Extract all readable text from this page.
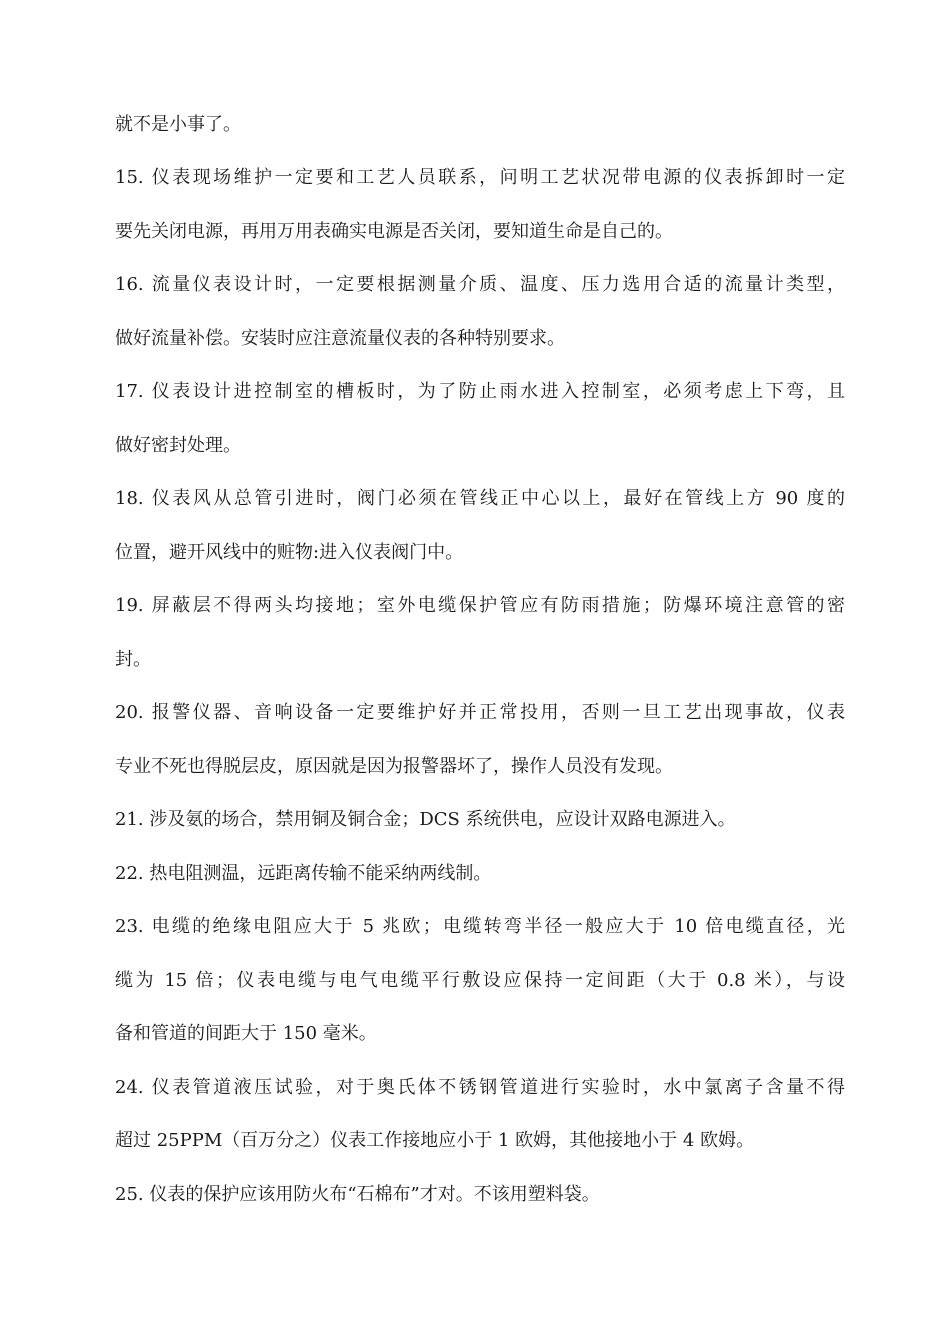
就不是小事了。
15. 仪表现场维护一定要和工艺人员联系，问明工艺状况带电源的仪表拆卸时一定
要先关闭电源，再用万用表确实电源是否关闭，要知道生命是自己的。
16. 流量仪表设计时，一定要根据测量介质、温度、压力选用合适的流量计类型，
做好流量补偿。安装时应注意流量仪表的各种特别要求。
17. 仪表设计进控制室的槽板时，为了防止雨水进入控制室，必须考虑上下弯，且
做好密封处理。
18. 仪表风从总管引进时，阀门必须在管线正中心以上，最好在管线上方 90 度的
位置，避开风线中的赃物:进入仪表阀门中。
19. 屏蔽层不得两头均接地；室外电缆保护管应有防雨措施；防爆环境注意管的密
封。
20. 报警仪器、音响设备一定要维护好并正常投用，否则一旦工艺出现事故，仪表
专业不死也得脱层皮，原因就是因为报警器坏了，操作人员没有发现。
21. 涉及氨的场合，禁用铜及铜合金；DCS 系统供电，应设计双路电源进入。
22. 热电阻测温，远距离传输不能采纳两线制。
23. 电缆的绝缘电阻应大于 5 兆欧；电缆转弯半径一般应大于 10 倍电缆直径，光
缆为 15 倍；仪表电缆与电气电缆平行敷设应保持一定间距（大于 0.8 米），与设
备和管道的间距大于 150 毫米。
24. 仪表管道液压试验，对于奥氏体不锈钢管道进行实验时，水中氯离子含量不得
超过 25PPM（百万分之）仪表工作接地应小于 1 欧姆，其他接地小于 4 欧姆。
25. 仪表的保护应该用防火布“石棉布”才对。不该用塑料袋。
